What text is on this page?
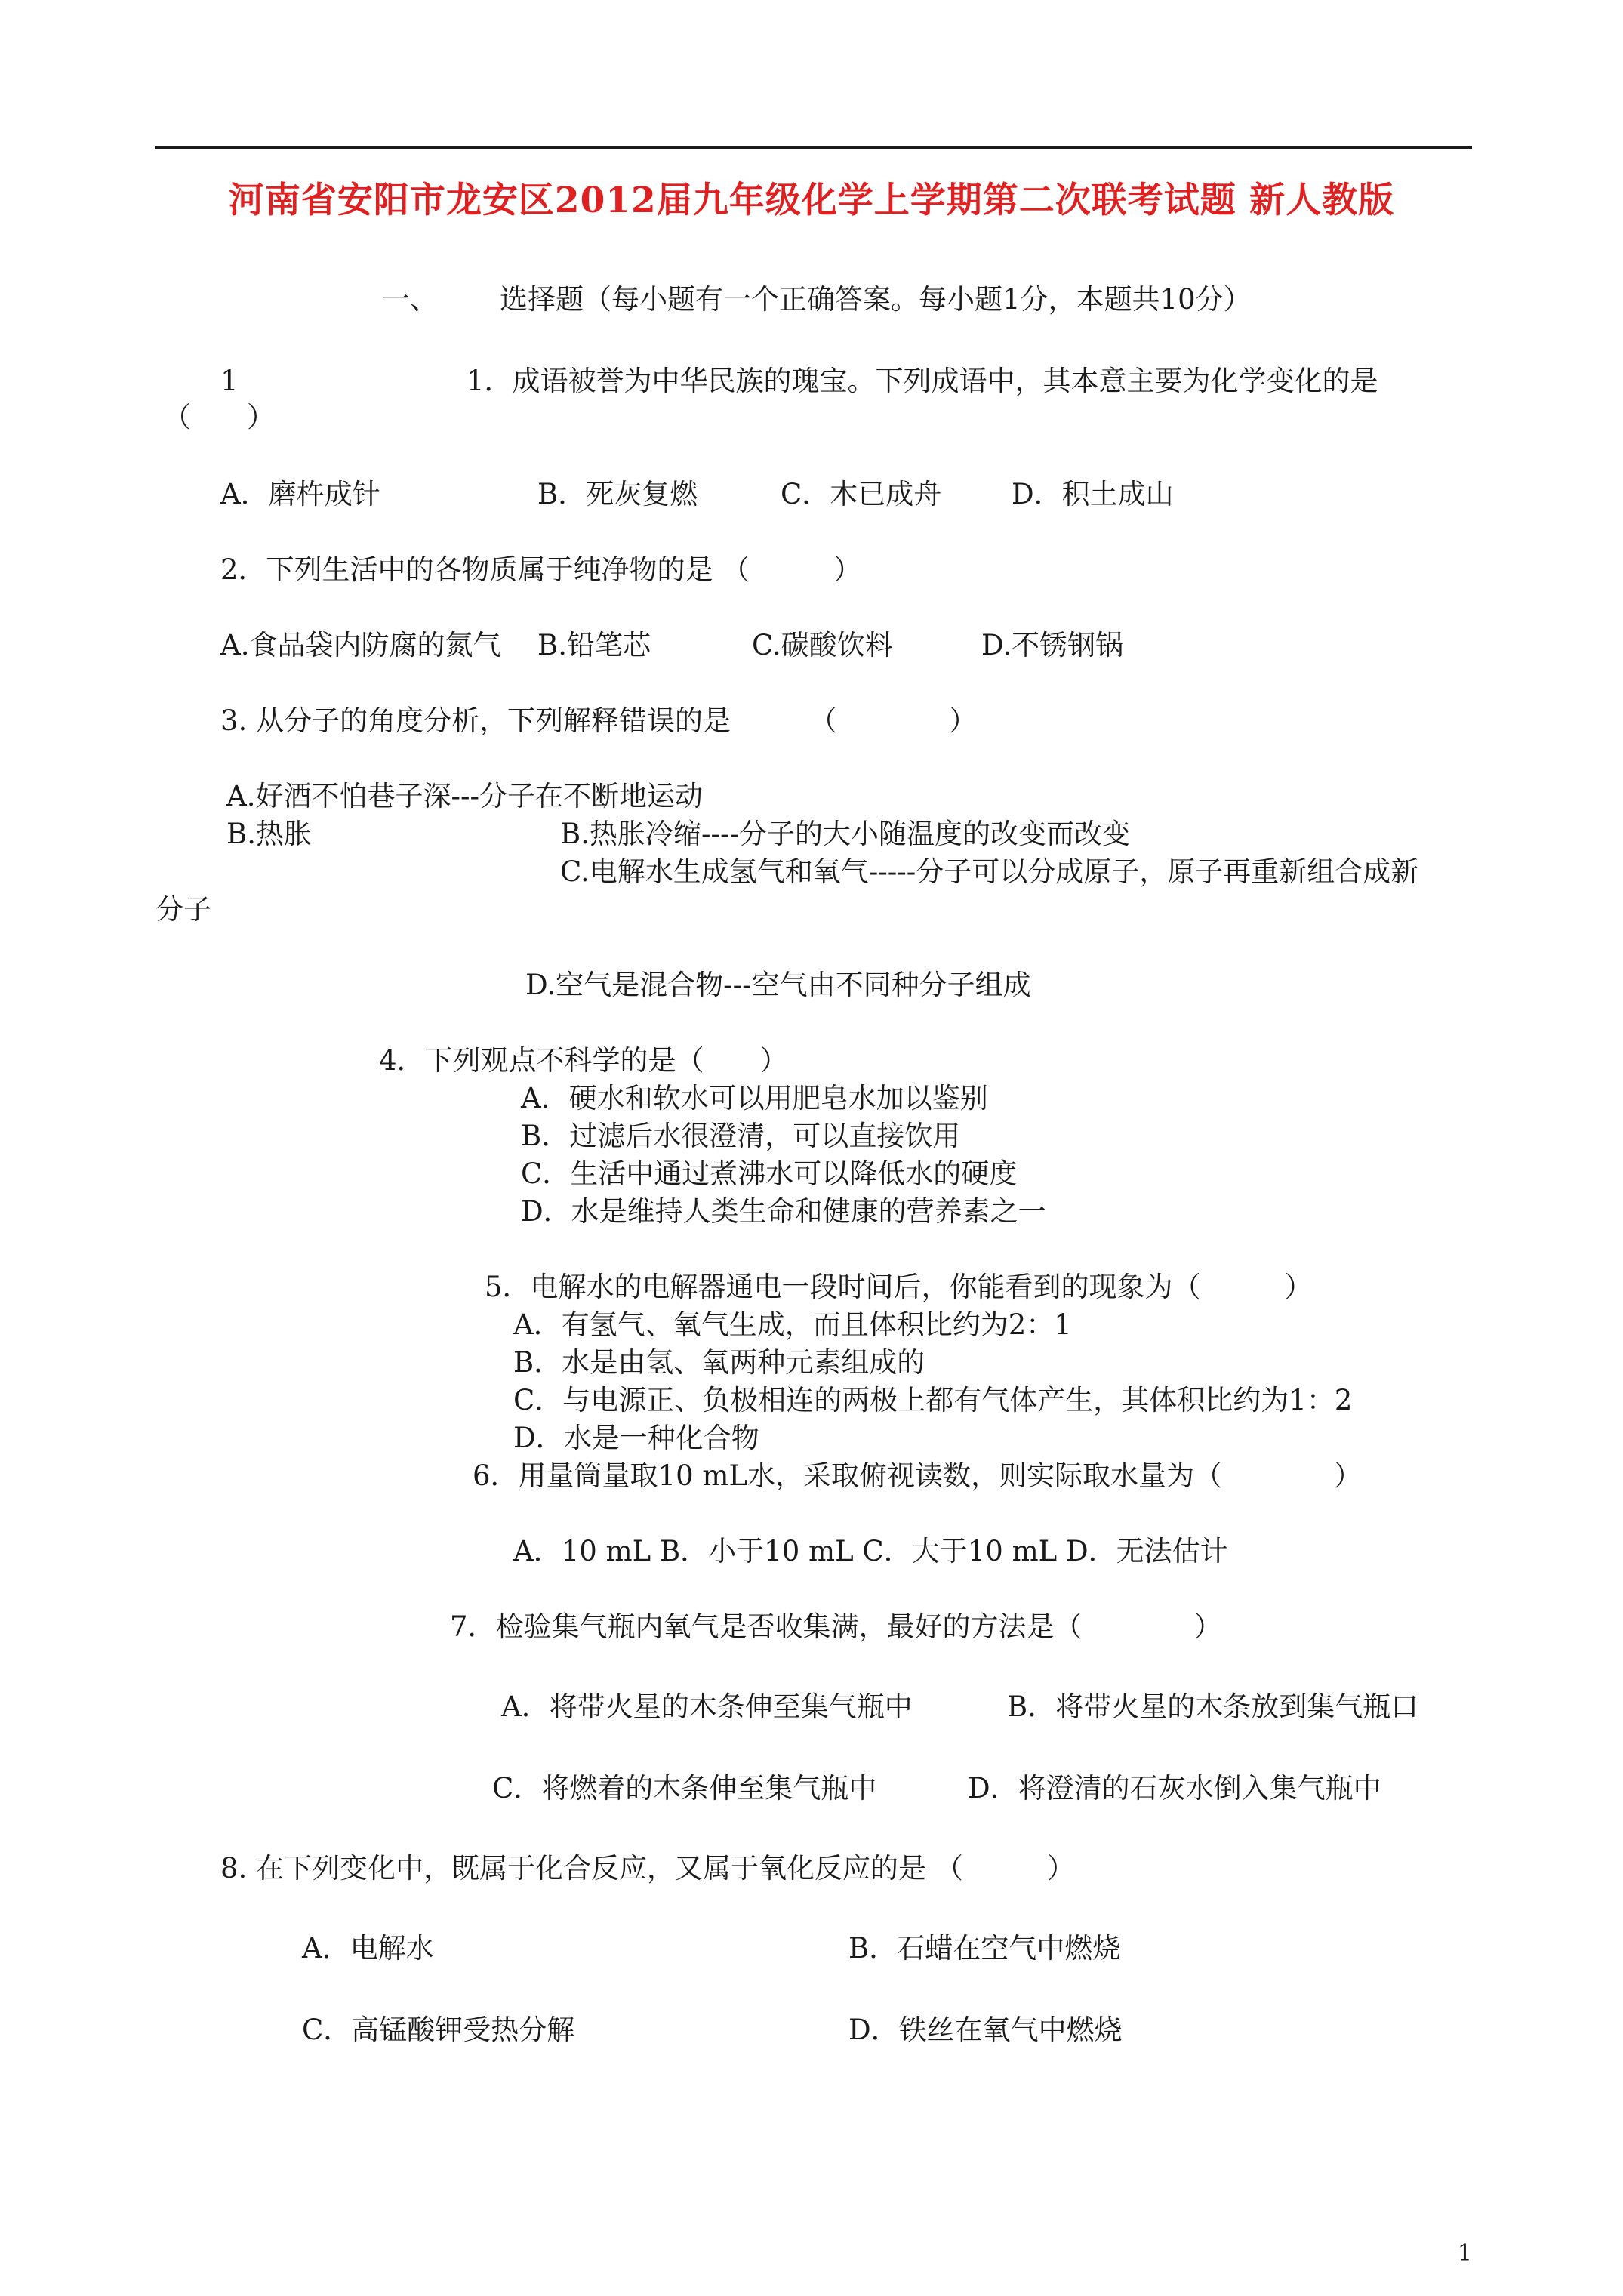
河南省安阳市龙安区2012届九年级化学上学期第二次联考试题 新人教版
一、 选择题（每小题有一个正确答案。每小题1分，本题共10分）
1	1．成语被誉为中华民族的瑰宝。下列成语中，其本意主要为化学变化的是
（　　）
A．磨杵成针	B．死灰复燃	C．木已成舟	D．积土成山
2．下列生活中的各物质属于纯净物的是 （　　　）
A.食品袋内防腐的氮气 B.铅笔芯	C.碳酸饮料	D.不锈钢锅
3. 从分子的角度分析，下列解释错误的是	（　　　　）
A.好酒不怕巷子深---分子在不断地运动
B.热胀	B.热胀冷缩----分子的大小随温度的改变而改变
C.电解水生成氢气和氧气-----分子可以分成原子，原子再重新组合成新
分子
D.空气是混合物---空气由不同种分子组成
4．下列观点不科学的是（　　）
A．硬水和软水可以用肥皂水加以鉴别
B．过滤后水很澄清，可以直接饮用
C．生活中通过煮沸水可以降低水的硬度
D．水是维持人类生命和健康的营养素之一
5．电解水的电解器通电一段时间后，你能看到的现象为（　　　）
A．有氢气、氧气生成，而且体积比约为2：1
B．水是由氢、氧两种元素组成的
C．与电源正、负极相连的两极上都有气体产生，其体积比约为1：2
D．水是一种化合物
6．用量筒量取10 mL水，采取俯视读数，则实际取水量为（　　　　）
A．10 mL B．小于10 mL C．大于10 mL D．无法估计
7．检验集气瓶内氧气是否收集满，最好的方法是（　　　　）
A．将带火星的木条伸至集气瓶中	B．将带火星的木条放到集气瓶口
C．将燃着的木条伸至集气瓶中	D．将澄清的石灰水倒入集气瓶中
8. 在下列变化中，既属于化合反应，又属于氧化反应的是 （　　　）
A．电解水	B．石蜡在空气中燃烧
C．高锰酸钾受热分解	D．铁丝在氧气中燃烧
1
